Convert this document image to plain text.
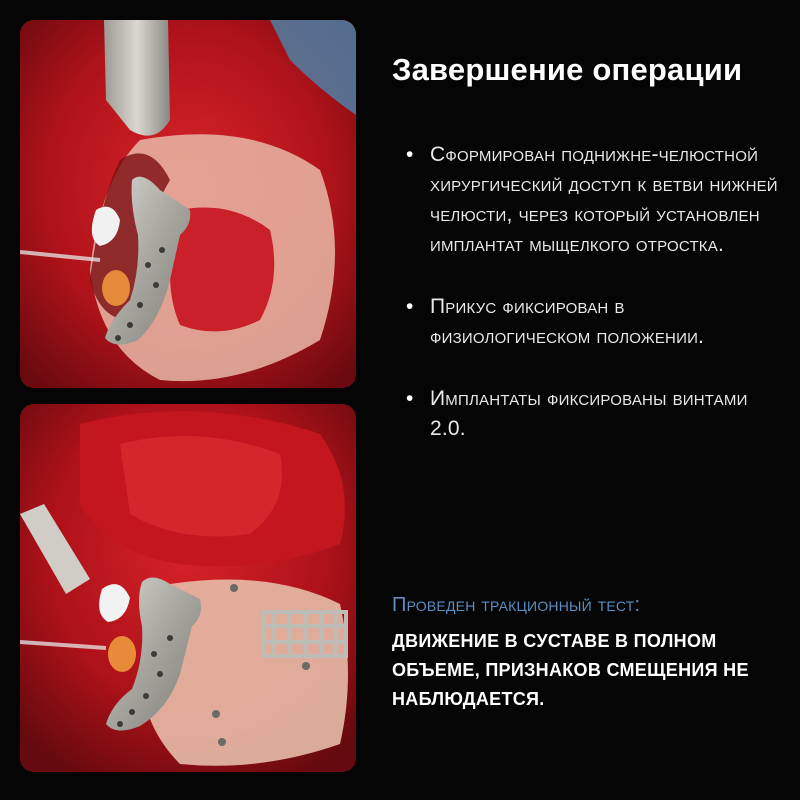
Завершение операции
• Сформирован поднижне-челюстной хирургический доступ к ветви нижней челюсти, через который установлен имплантат мыщелкого отростка.
• Прикус фиксирован в физиологическом положении.
• Имплантаты фиксированы винтами 2.0.

Проведен тракционный тест:

ДВИЖЕНИЕ В СУСТАВЕ В ПОЛНОМ ОБЪЕМЕ, ПРИЗНАКОВ СМЕЩЕНИЯ НЕ НАБЛЮДАЕТСЯ.
